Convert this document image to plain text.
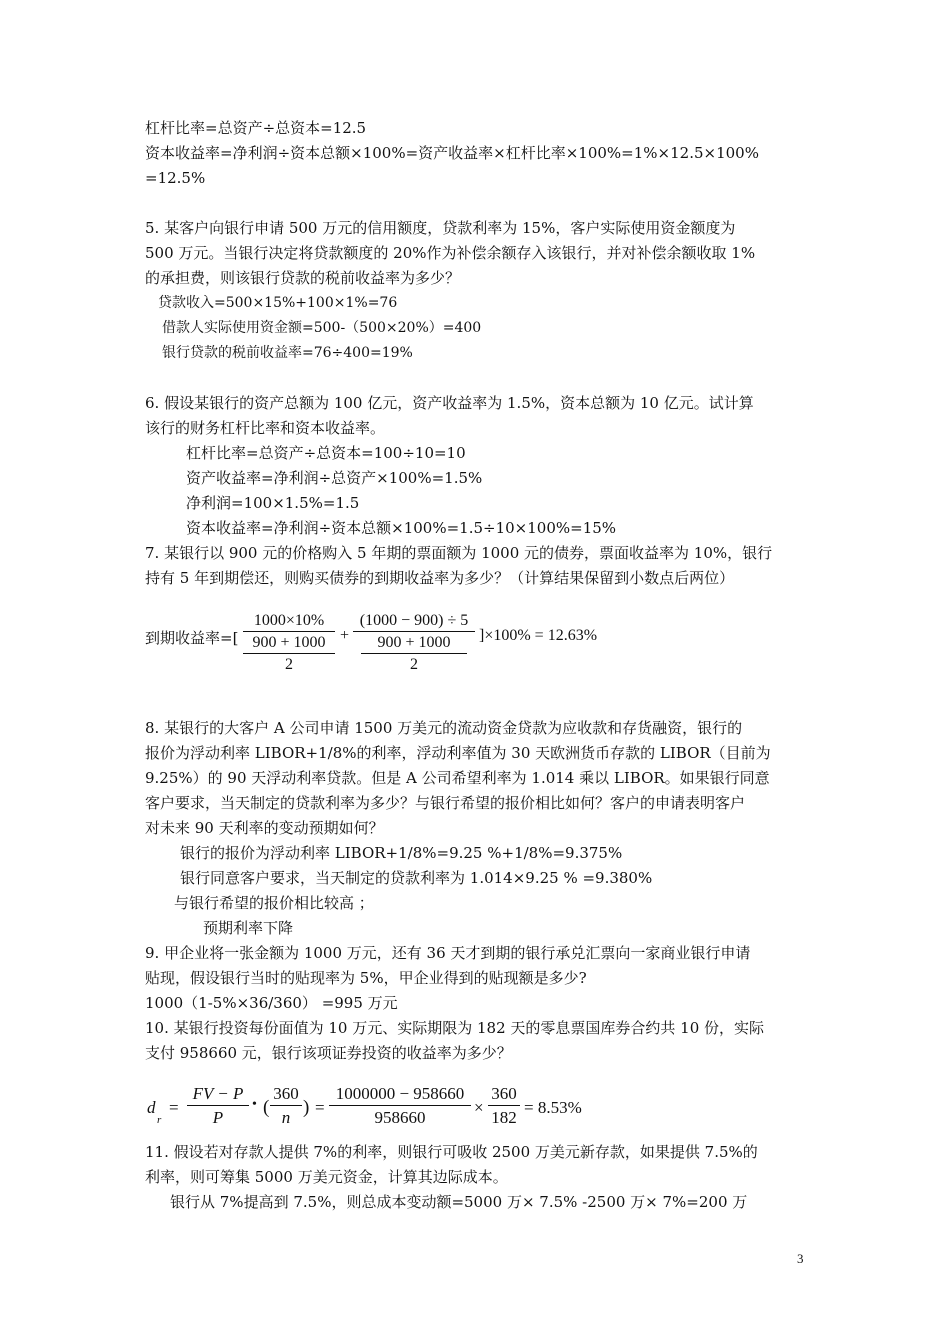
杠杆比率=总资产÷总资本=12.5
资本收益率=净利润÷资本总额×100%=资产收益率×杠杆比率×100%=1%×12.5×100%
=12.5%
5. 某客户向银行申请 500 万元的信用额度，贷款利率为 15%，客户实际使用资金额度为
500 万元。当银行决定将贷款额度的 20%作为补偿余额存入该银行，并对补偿余额收取 1%
的承担费，则该银行贷款的税前收益率为多少？
贷款收入=500×15%+100×1%=76
借款人实际使用资金额=500-（500×20%）=400
银行贷款的税前收益率=76÷400=19%
6. 假设某银行的资产总额为 100 亿元，资产收益率为 1.5%，资本总额为 10 亿元。试计算
该行的财务杠杆比率和资本收益率。
杠杆比率=总资产÷总资本=100÷10=10
资产收益率=净利润÷总资产×100%=1.5%
净利润=100×1.5%=1.5
资本收益率=净利润÷资本总额×100%=1.5÷10×100%=15%
7. 某银行以 900 元的价格购入 5 年期的票面额为 1000 元的债券，票面收益率为 10%，银行
持有 5 年到期偿还，则购买债券的到期收益率为多少？（计算结果保留到小数点后两位）
到期收益率=[
1000×10%
900 + 1000
2
+
(1000 − 900) ÷ 5
900 + 1000
2
]×100% = 12.63%
8. 某银行的大客户 A 公司申请 1500 万美元的流动资金贷款为应收款和存货融资，银行的
报价为浮动利率 LIBOR+1/8%的利率，浮动利率值为 30 天欧洲货币存款的 LIBOR（目前为
9.25%）的 90 天浮动利率贷款。但是 A 公司希望利率为 1.014 乘以 LIBOR。如果银行同意
客户要求，当天制定的贷款利率为多少？与银行希望的报价相比如何？客户的申请表明客户
对未来 90 天利率的变动预期如何？
银行的报价为浮动利率 LIBOR+1/8%=9.25 %+1/8%=9.375%
银行同意客户要求，当天制定的贷款利率为 1.014×9.25 % =9.380%
与银行希望的报价相比较高 ；
预期利率下降
9. 甲企业将一张金额为 1000 万元，还有 36 天才到期的银行承兑汇票向一家商业银行申请
贴现，假设银行当时的贴现率为 5%，甲企业得到的贴现额是多少?
1000（1-5%×36/360） =995 万元
10. 某银行投资每份面值为 10 万元、实际期限为 182 天的零息票国库券合约共 10 份，实际
支付 958660 元，银行该项证券投资的收益率为多少？
d
r
= $\frac{FV - P}{P}$ • ( $\frac{360}{n}$ ) = $\frac{1000000 - 958660}{958660} \times \frac{360}{182} = 8.53\%$
11. 假设若对存款人提供 7%的利率，则银行可吸收 2500 万美元新存款，如果提供 7.5%的
利率，则可筹集 5000 万美元资金，计算其边际成本。
银行从 7%提高到 7.5%，则总成本变动额=5000 万× 7.5% -2500 万× 7%=200 万
3
